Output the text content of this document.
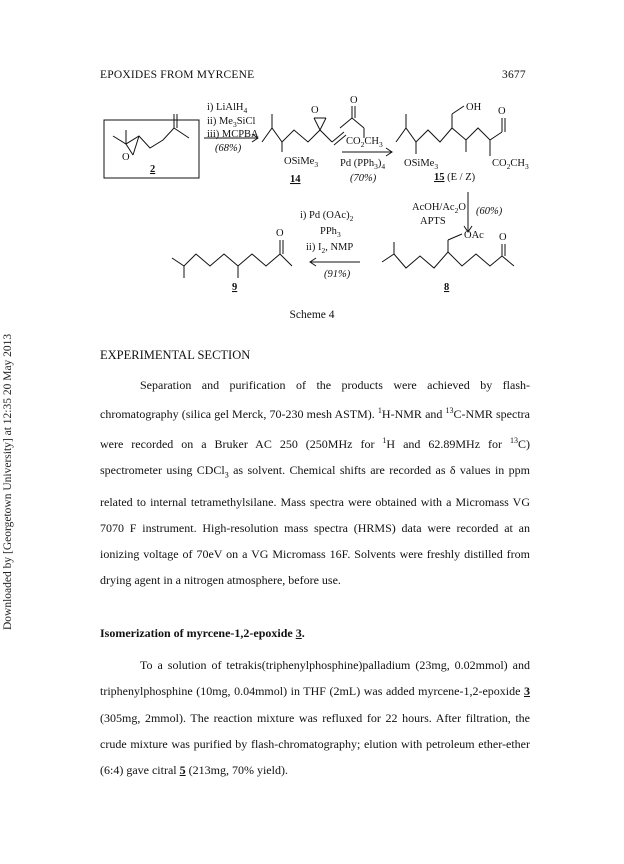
EPOXIDES FROM MYRCENE	3677
Downloaded by [Georgetown University] at 12:35 20 May 2013
i) LiAlH$_4$
ii) $Me_3SiCl$
iii) MCPBA
(68%)
$CO_2CH_3$
Pd $(PPh_3)_4$
(70%)
AcOH/$Ac_2O$
APTS
(60%)
i) Pd $(OAc)_2$
PPh$_3$
ii) $I_2$, NMP
(91%)
O	OSiMe$_3$
O
O
OH O
OSiMe$_3$	$CO_2CH_3$
OAc O
O
2
14	15 (E / Z)
8
9
Scheme 4
EXPERIMENTAL SECTION

Separation and purification of the products were achieved by flash-chromatography (silica gel Merck, 70-230 mesh ASTM). $^1$H-NMR and $^{13}$C-NMR spectra were recorded on a Bruker AC 250 (250MHz for $^1$H and 62.89MHz for $^{13}$C) spectrometer using CDCl$_3$ as solvent. Chemical shifts are recorded as δ values in ppm related to internal tetramethylsilane. Mass spectra were obtained with a Micromass VG 7070 F instrument. High-resolution mass spectra (HRMS) data were recorded at an ionizing voltage of 70eV on a VG Micromass 16F. Solvents were freshly distilled from drying agent in a nitrogen atmosphere, before use.

Isomerization of myrcene-1,2-epoxide 3.

To a solution of tetrakis(triphenylphosphine)palladium (23mg, 0.02mmol) and triphenylphosphine (10mg, 0.04mmol) in THF (2mL) was added myrcene-1,2-epoxide 3 (305mg, 2mmol). The reaction mixture was refluxed for 22 hours. After filtration, the crude mixture was purified by flash-chromatography; elution with petroleum ether-ether (6:4) gave citral 5 (213mg, 70% yield).
